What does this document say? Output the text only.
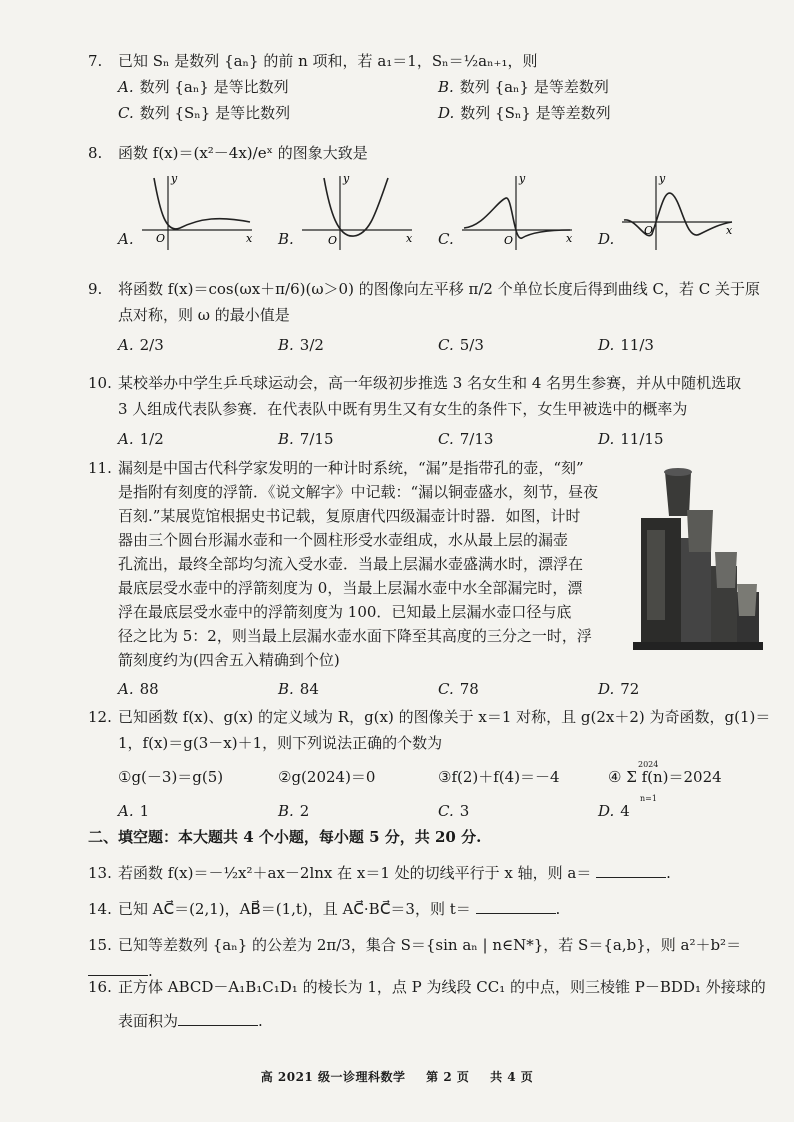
7. 已知 Sₙ 是数列 {aₙ} 的前 n 项和，若 a₁＝1，Sₙ＝½aₙ₊₁，则
A. 数列 {aₙ} 是等比数列	B. 数列 {aₙ} 是等差数列
C. 数列 {Sₙ} 是等比数列	D. 数列 {Sₙ} 是等差数列
8. 函数 f(x)＝(x²－4x)/eˣ 的图象大致是
A. O
y
x B.	O
y
x C.	O
y
x D.	O
y
x
9. 将函数 f(x)＝cos(ωx＋π/6)(ω＞0) 的图像向左平移 π/2 个单位长度后得到曲线 C，若 C 关于原
点对称，则 ω 的最小值是
A. 2/3	B. 3/2	C. 5/3	D. 11/3
10. 某校举办中学生乒乓球运动会，高一年级初步推选 3 名女生和 4 名男生参赛，并从中随机选取
3 人组成代表队参赛．在代表队中既有男生又有女生的条件下，女生甲被选中的概率为
A. 1/2	B. 7/15	C. 7/13	D. 11/15
11. 漏刻是中国古代科学家发明的一种计时系统，“漏”是指带孔的壶，“刻”
是指附有刻度的浮箭．《说文解字》中记载：“漏以铜壶盛水，刻节，昼夜
百刻.”某展览馆根据史书记载，复原唐代四级漏壶计时器．如图，计时
器由三个圆台形漏水壶和一个圆柱形受水壶组成，水从最上层的漏壶
孔流出，最终全部均匀流入受水壶．当最上层漏水壶盛满水时，漂浮在
最底层受水壶中的浮箭刻度为 0，当最上层漏水壶中水全部漏完时，漂
浮在最底层受水壶中的浮箭刻度为 100．已知最上层漏水壶口径与底
径之比为 5：2，则当最上层漏水壶水面下降至其高度的三分之一时，浮
箭刻度约为(四舍五入精确到个位)
A. 88	B. 84	C. 78	D. 72
12. 已知函数 f(x)、g(x) 的定义域为 R，g(x) 的图像关于 x＝1 对称，且 g(2x＋2) 为奇函数，g(1)＝
1，f(x)＝g(3－x)＋1，则下列说法正确的个数为
①g(－3)＝g(5)	②g(2024)＝0	③f(2)＋f(4)＝－4	④ Σ f(n)＝2024
2024
n=1
A. 1	B. 2	C. 3	D. 4
二、填空题：本大题共 4 个小题，每小题 5 分，共 20 分.
13. 若函数 f(x)＝－½x²＋ax－2lnx 在 x＝1 处的切线平行于 x 轴，则 a＝	.
14. 已知 AC⃗＝(2,1)，AB⃗＝(1,t)，且 AC⃗·BC⃗＝3，则 t＝	.
15. 已知等差数列 {aₙ} 的公差为 2π/3，集合 S＝{sin aₙ | n∈N*}，若 S＝{a,b}，则 a²＋b²＝ .
16. 正方体 ABCD－A₁B₁C₁D₁ 的棱长为 1，点 P 为线段 CC₁ 的中点，则三棱锥 P－BDD₁ 外接球的
表面积为	.
高 2021 级一诊理科数学 第 2 页 共 4 页
